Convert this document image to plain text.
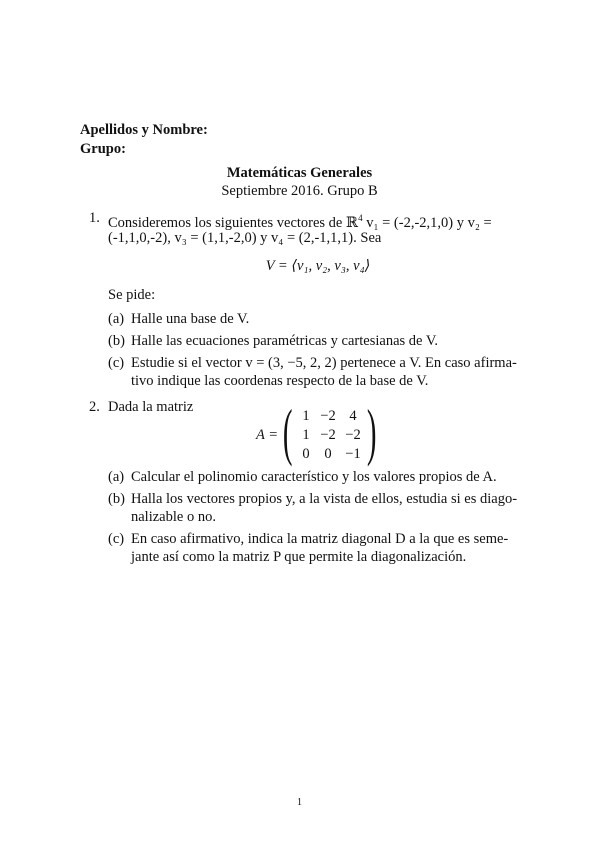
Apellidos y Nombre:
Grupo:
Matemáticas Generales
Septiembre 2016. Grupo B
1. Consideremos los siguientes vectores de ℝ$^4$ v₁ = (-2,-2,1,0) y v₂ =
(-1,1,0,-2), v₃ = (1,1,-2,0) y v₄ = (2,-1,1,1). Sea
V = ⟨v₁, v₂, v₃, v₄⟩
Se pide:
(a) Halle una base de V.
(b) Halle las ecuaciones paramétricas y cartesianas de V.
(c) Estudie si el vector v = (3, −5, 2, 2) pertenece a V. En caso afirma-
tivo indique las coordenas respecto de la base de V.
2. Dada la matriz
A = ( )
1 −2 4
1 −2 −2
0	0 −1
(a) Calcular el polinomio característico y los valores propios de A.
(b) Halla los vectores propios y, a la vista de ellos, estudia si es diago-
nalizable o no.
(c) En caso afirmativo, indica la matriz diagonal D a la que es seme-
jante así como la matriz P que permite la diagonalización.
1
